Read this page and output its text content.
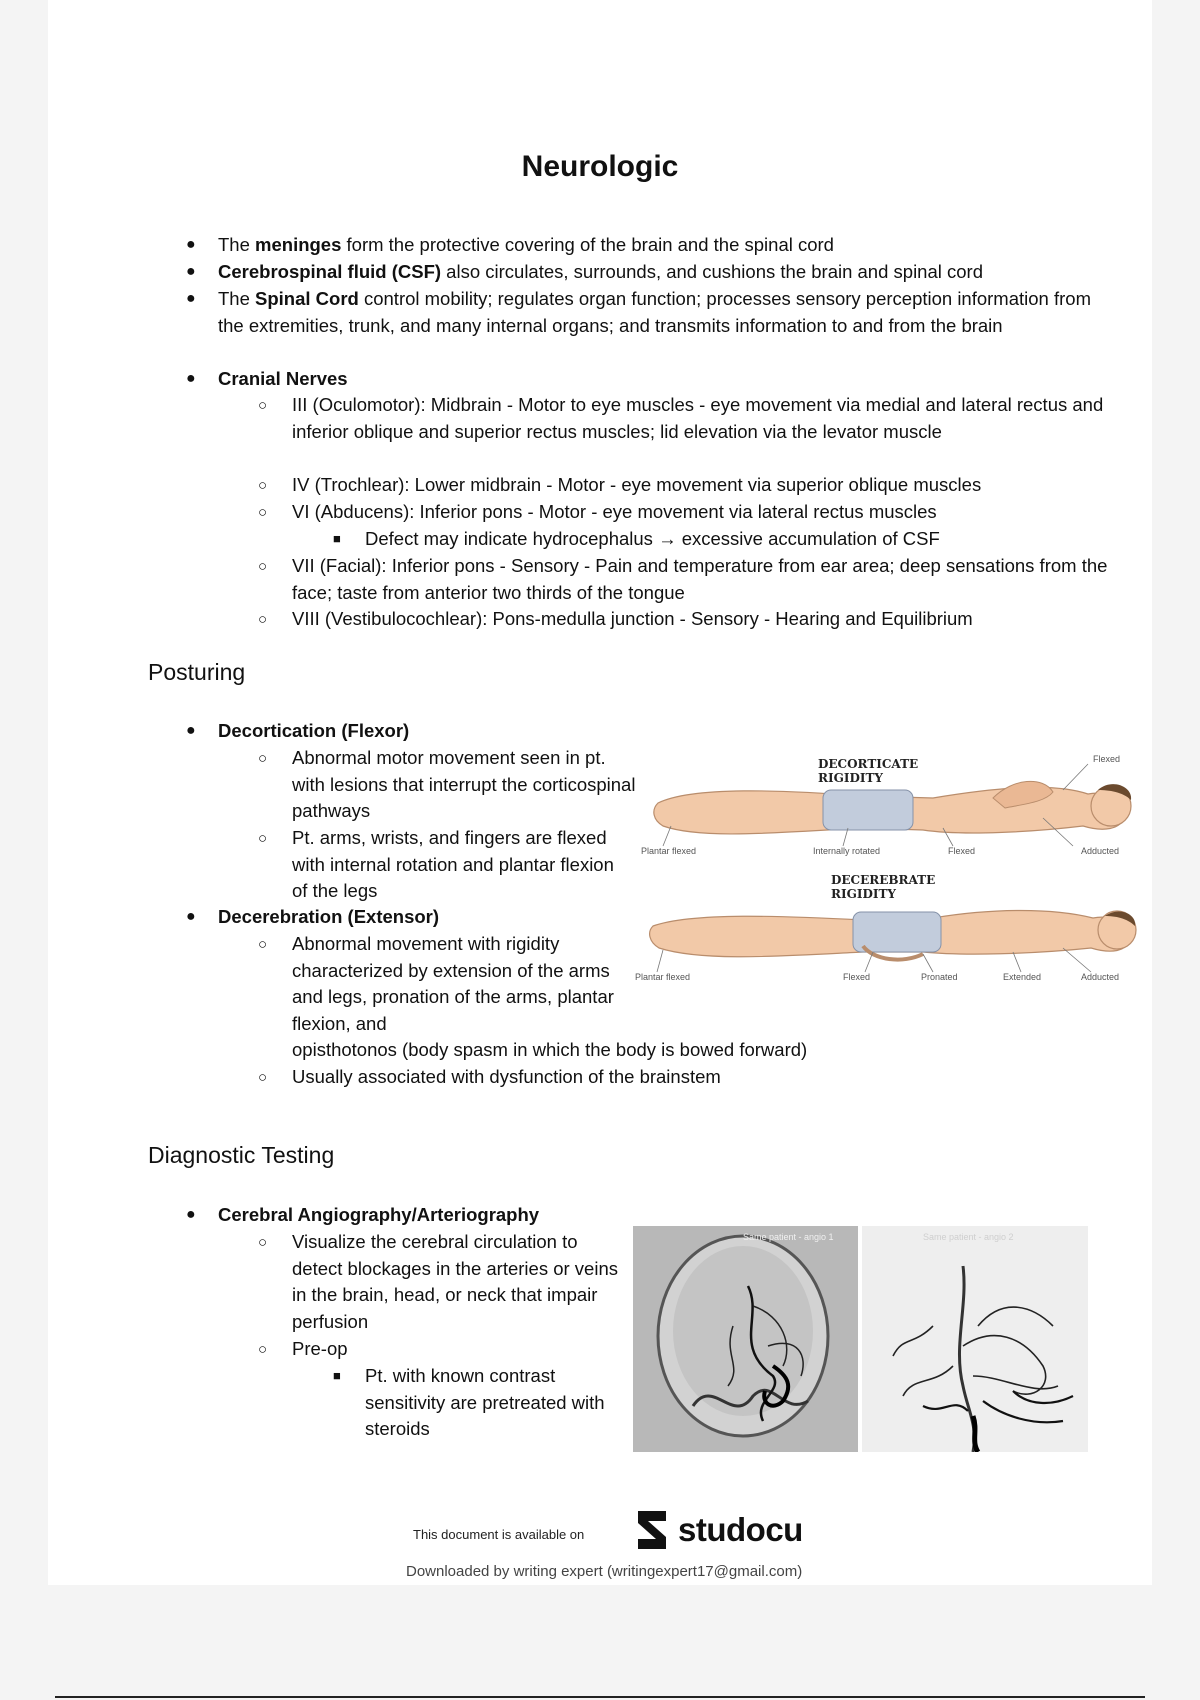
Neurologic
● The meninges form the protective covering of the brain and the spinal cord
● Cerebrospinal fluid (CSF) also circulates, surrounds, and cushions the brain and spinal cord
● The Spinal Cord control mobility; regulates organ function; processes sensory perception information from the extremities, trunk, and many internal organs; and transmits information to and from the brain
● Cranial Nerves
○ III (Oculomotor): Midbrain - Motor to eye muscles - eye movement via medial and lateral rectus and inferior oblique and superior rectus muscles; lid elevation via the levator muscle
○ IV (Trochlear): Lower midbrain - Motor - eye movement via superior oblique muscles
○ VI (Abducens): Inferior pons - Motor - eye movement via lateral rectus muscles
■ Defect may indicate hydrocephalus → excessive accumulation of CSF
○ VII (Facial): Inferior pons - Sensory - Pain and temperature from ear area; deep sensations from the face; taste from anterior two thirds of the tongue
○ VIII (Vestibulocochlear): Pons-medulla junction - Sensory - Hearing and Equilibrium
Posturing
● Decortication (Flexor)
○ Abnormal motor movement seen in pt. with lesions that interrupt the corticospinal pathways
○ Pt. arms, wrists, and fingers are flexed with internal rotation and plantar flexion of the legs
● Decerebration (Extensor)
○ Abnormal movement with rigidity characterized by extension of the arms and legs, pronation of the arms, plantar flexion, and
opisthotonos (body spasm in which the body is bowed forward)
○ Usually associated with dysfunction of the brainstem
Diagnostic Testing
● Cerebral Angiography/Arteriography
○ Visualize the cerebral circulation to detect blockages in the arteries or veins in the brain, head, or neck that impair perfusion
○ Pre-op
■ Pt. with known contrast sensitivity are pretreated with steroids
DECORTICATE
RIGIDITY
Plantar flexed	Internally rotated	Flexed	Adducted
Flexed
DECEREBRATE
RIGIDITY
Plantar flexed	Flexed	Pronated	Extended	Adducted
Same patient - angio 1	Same patient - angio 2
This document is available on	studocu
Downloaded by writing expert (writingexpert17@gmail.com)
